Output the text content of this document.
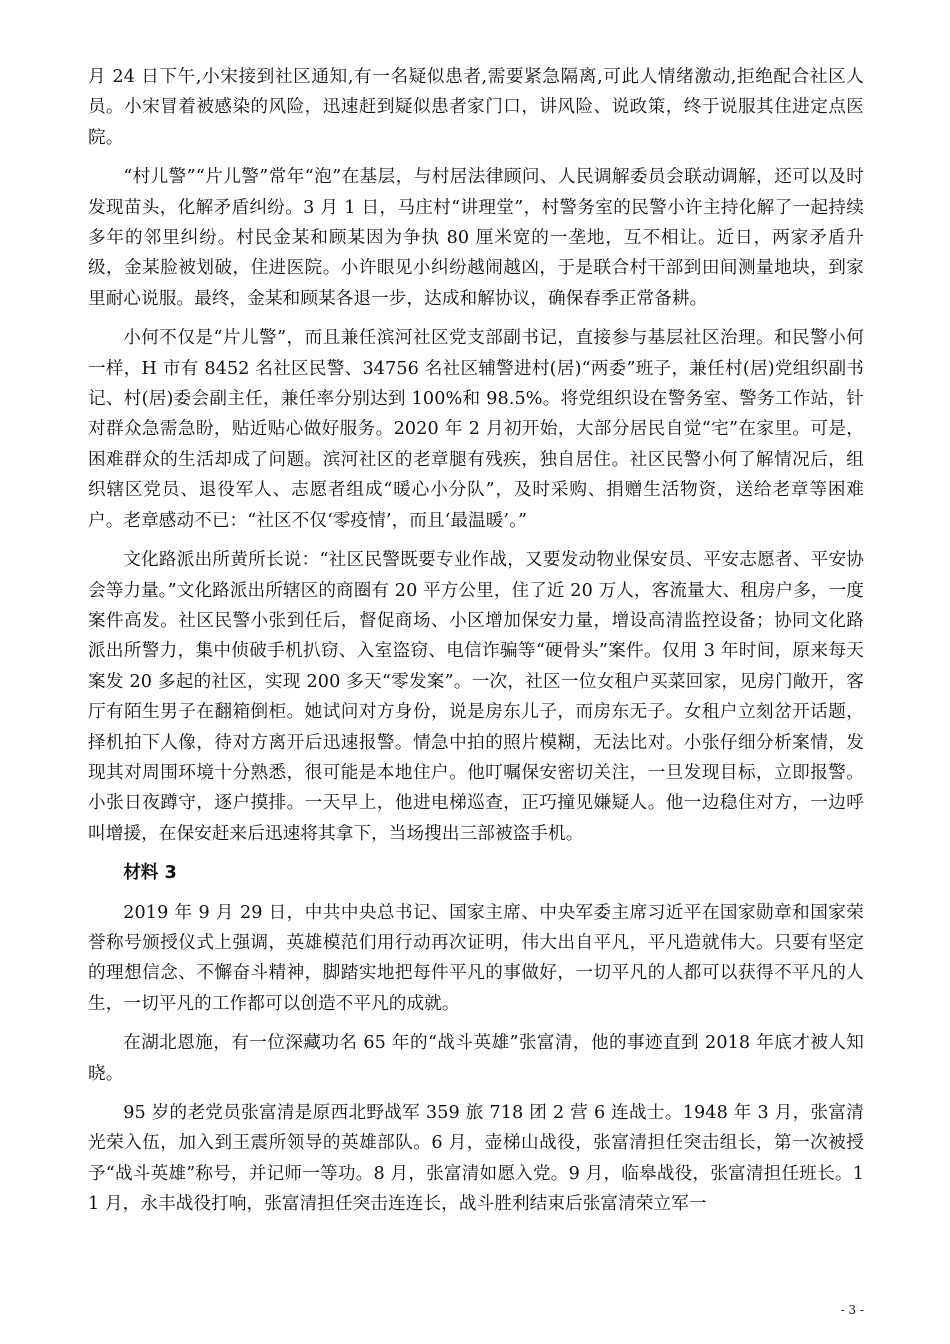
月 24 日下午,小宋接到社区通知,有一名疑似患者,需要紧急隔离,可此人情绪激动,拒绝配合社区人员。小宋冒着被感染的风险，迅速赶到疑似患者家门口，讲风险、说政策，终于说服其住进定点医院。

“村儿警”“片儿警”常年“泡”在基层，与村居法律顾问、人民调解委员会联动调解，还可以及时发现苗头，化解矛盾纠纷。3 月 1 日，马庄村“讲理堂”，村警务室的民警小许主持化解了一起持续多年的邻里纠纷。村民金某和顾某因为争执 80 厘米宽的一垄地，互不相让。近日，两家矛盾升级，金某脸被划破，住进医院。小许眼见小纠纷越闹越凶，于是联合村干部到田间测量地块，到家里耐心说服。最终，金某和顾某各退一步，达成和解协议，确保春季正常备耕。

小何不仅是“片儿警”，而且兼任滨河社区党支部副书记，直接参与基层社区治理。和民警小何一样，H 市有 8452 名社区民警、34756 名社区辅警进村(居)“两委”班子，兼任村(居)党组织副书记、村(居)委会副主任，兼任率分别达到 100%和 98.5%。将党组织设在警务室、警务工作站，针对群众急需急盼，贴近贴心做好服务。2020 年 2 月初开始，大部分居民自觉“宅”在家里。可是，困难群众的生活却成了问题。滨河社区的老章腿有残疾，独自居住。社区民警小何了解情况后，组织辖区党员、退役军人、志愿者组成“暖心小分队”，及时采购、捐赠生活物资，送给老章等困难户。老章感动不已：“社区不仅‘零疫情’，而且‘最温暖’。”

文化路派出所黄所长说：“社区民警既要专业作战，又要发动物业保安员、平安志愿者、平安协会等力量。”文化路派出所辖区的商圈有 20 平方公里，住了近 20 万人，客流量大、租房户多，一度案件高发。社区民警小张到任后，督促商场、小区增加保安力量，增设高清监控设备；协同文化路派出所警力，集中侦破手机扒窃、入室盗窃、电信诈骗等“硬骨头”案件。仅用 3 年时间，原来每天案发 20 多起的社区，实现 200 多天“零发案”。一次，社区一位女租户买菜回家，见房门敞开，客厅有陌生男子在翻箱倒柜。她试问对方身份，说是房东儿子，而房东无子。女租户立刻岔开话题，择机拍下人像，待对方离开后迅速报警。情急中拍的照片模糊，无法比对。小张仔细分析案情，发现其对周围环境十分熟悉，很可能是本地住户。他叮嘱保安密切关注，一旦发现目标，立即报警。小张日夜蹲守，逐户摸排。一天早上，他进电梯巡查，正巧撞见嫌疑人。他一边稳住对方，一边呼叫增援，在保安赶来后迅速将其拿下，当场搜出三部被盗手机。

材料 3

2019 年 9 月 29 日，中共中央总书记、国家主席、中央军委主席习近平在国家勋章和国家荣誉称号颁授仪式上强调，英雄模范们用行动再次证明，伟大出自平凡，平凡造就伟大。只要有坚定的理想信念、不懈奋斗精神，脚踏实地把每件平凡的事做好，一切平凡的人都可以获得不平凡的人生，一切平凡的工作都可以创造不平凡的成就。

在湖北恩施，有一位深藏功名 65 年的“战斗英雄”张富清，他的事迹直到 2018 年底才被人知晓。

95 岁的老党员张富清是原西北野战军 359 旅 718 团 2 营 6 连战士。1948 年 3 月，张富清光荣入伍，加入到王震所领导的英雄部队。6 月，壶梯山战役，张富清担任突击组长，第一次被授予“战斗英雄”称号，并记师一等功。8 月，张富清如愿入党。9 月，临皋战役，张富清担任班长。11 月，永丰战役打响，张富清担任突击连连长，战斗胜利结束后张富清荣立军一

- 3 -
